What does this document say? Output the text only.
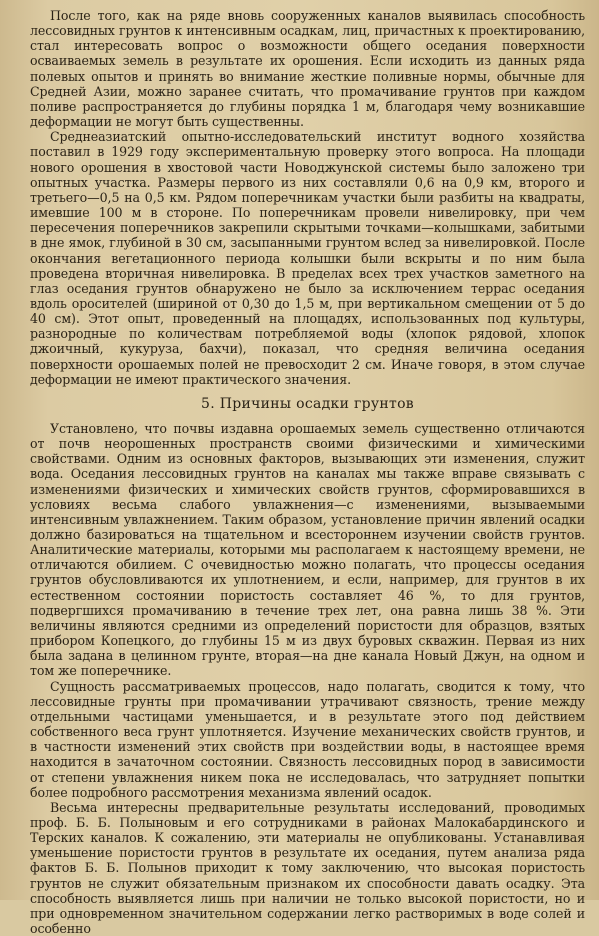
После того, как на ряде вновь сооруженных каналов выявилась способность лессовидных грунтов к интенсивным осадкам, лиц, причастных к проектированию, стал интересовать вопрос о возможности общего оседания поверхности осваиваемых земель в результате их орошения. Если исходить из данных ряда полевых опытов и принять во внимание жесткие поливные нормы, обычные для Средней Азии, можно заранее считать, что промачивание грунтов при каждом поливе распространяется до глубины порядка 1 м, благодаря чему возникавшие деформации не могут быть существенны.

Среднеазиатский опытно-исследовательский институт водного хозяйства поставил в 1929 году экспериментальную проверку этого вопроса. На площади нового орошения в хвостовой части Новоджунской системы было заложено три опытных участка. Размеры первого из них составляли 0,6 на 0,9 км, второго и третьего—0,5 на 0,5 км. Рядом поперечникам участки были разбиты на квадраты, имевшие 100 м в стороне. По поперечникам провели нивелировку, при чем пересечения поперечников закрепили скрытыми точками—колышками, забитыми в дне ямок, глубиной в 30 см, засыпанными грунтом вслед за нивелировкой. После окончания вегетационного периода колышки были вскрыты и по ним была проведена вторичная нивелировка. В пределах всех трех участков заметного на глаз оседания грунтов обнаружено не было за исключением террас оседания вдоль оросителей (шириной от 0,30 до 1,5 м, при вертикальном смещении от 5 до 40 см). Этот опыт, проведенный на площадях, использованных под культуры, разнородные по количествам потребляемой воды (хлопок рядовой, хлопок джоичный, кукуруза, бахчи), показал, что средняя величина оседания поверхности орошаемых полей не превосходит 2 см. Иначе говоря, в этом случае деформации не имеют практического значения.

5. Причины осадки грунтов

Установлено, что почвы издавна орошаемых земель существенно отличаются от почв неорошенных пространств своими физическими и химическими свойствами. Одним из основных факторов, вызывающих эти изменения, служит вода. Оседания лессовидных грунтов на каналах мы также вправе связывать с изменениями физических и химических свойств грунтов, сформировавшихся в условиях весьма слабого увлажнения—с изменениями, вызываемыми интенсивным увлажнением. Таким образом, установление причин явлений осадки должно базироваться на тщательном и всестороннем изучении свойств грунтов. Аналитические материалы, которыми мы располагаем к настоящему времени, не отличаются обилием. С очевидностью можно полагать, что процессы оседания грунтов обусловливаются их уплотнением, и если, например, для грунтов в их естественном состоянии пористость составляет 46 %, то для грунтов, подвергшихся промачиванию в течение трех лет, она равна лишь 38 %. Эти величины являются средними из определений пористости для образцов, взятых прибором Копецкого, до глубины 15 м из двух буровых скважин. Первая из них была задана в целинном грунте, вторая—на дне канала Новый Джун, на одном и том же поперечнике.

Сущность рассматриваемых процессов, надо полагать, сводится к тому, что лессовидные грунты при промачивании утрачивают связность, трение между отдельными частицами уменьшается, и в результате этого под действием собственного веса грунт уплотняется. Изучение механических свойств грунтов, и в частности изменений этих свойств при воздействии воды, в настоящее время находится в зачаточном состоянии. Связность лессовидных пород в зависимости от степени увлажнения никем пока не исследовалась, что затрудняет попытки более подробного рассмотрения механизма явлений осадок.

Весьма интересны предварительные результаты исследований, проводимых проф. Б. Б. Полыновым и его сотрудниками в районах Малокабардинского и Терских каналов. К сожалению, эти материалы не опубликованы. Устанавливая уменьшение пористости грунтов в результате их оседания, путем анализа ряда фактов Б. Б. Полынов приходит к тому заключению, что высокая пористость грунтов не служит обязательным признаком их способности давать осадку. Эта способность выявляется лишь при наличии не только высокой пористости, но и при одновременном значительном содержании легко растворимых в воде солей и особенно
